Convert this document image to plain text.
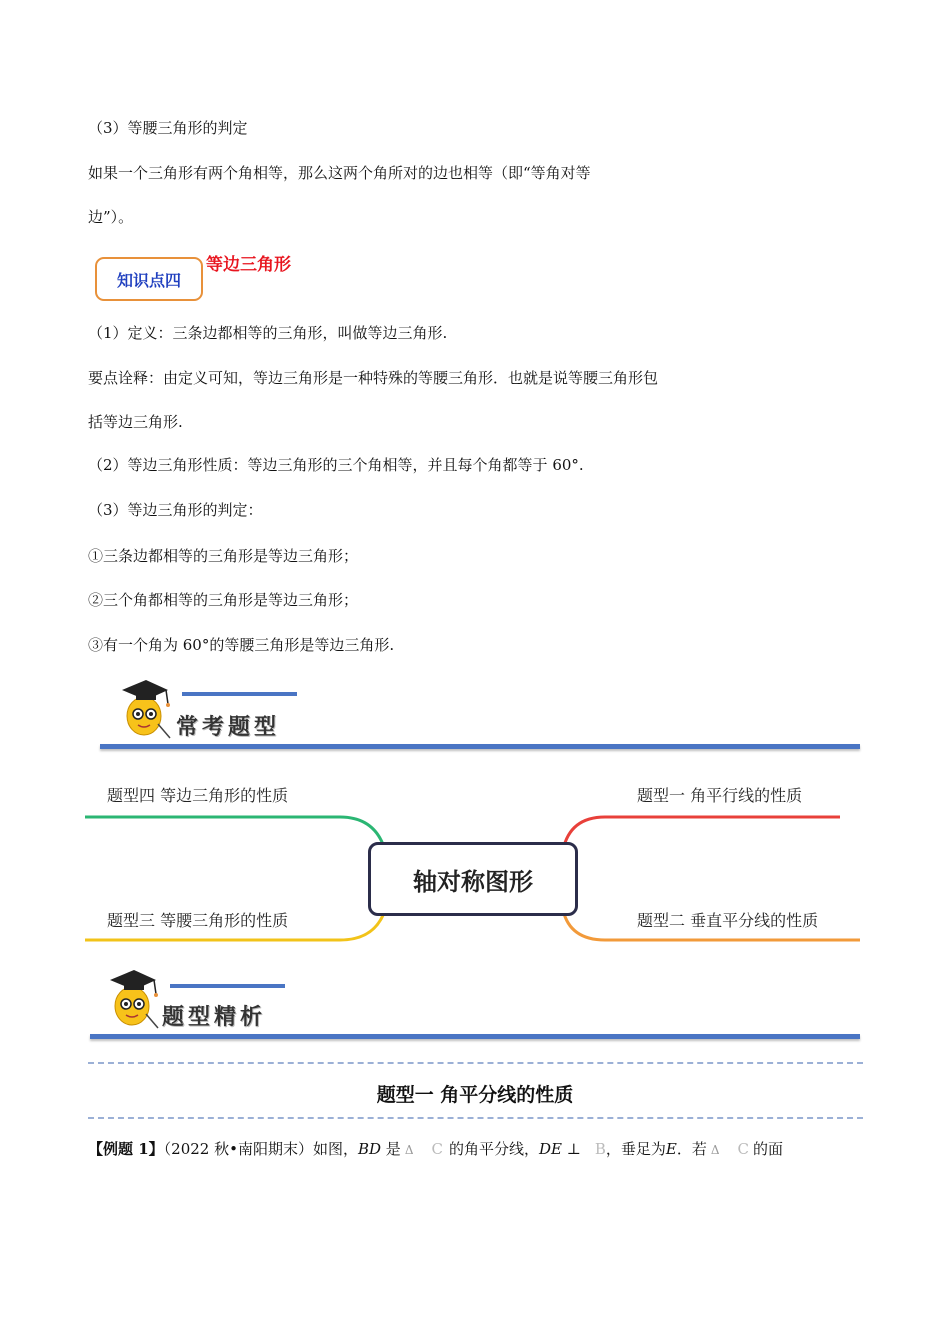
（3）等腰三角形的判定
如果一个三角形有两个角相等，那么这两个角所对的边也相等（即“等角对等
边”）。
知识点四
等边三角形
（1）定义：三条边都相等的三角形，叫做等边三角形.
要点诠释：由定义可知，等边三角形是一种特殊的等腰三角形．也就是说等腰三角形包
括等边三角形.
（2）等边三角形性质：等边三角形的三个角相等，并且每个角都等于 60°.
（3）等边三角形的判定：
①三条边都相等的三角形是等边三角形；
②三个角都相等的三角形是等边三角形；
③有一个角为 60°的等腰三角形是等边三角形.
常考题型
题型四 等边三角形的性质
题型三 等腰三角形的性质
题型一 角平行线的性质
题型二 垂直平分线的性质
轴对称图形
题型精析
题型一 角平分线的性质
【例题 1】（2022 秋•南阳期末）如图，BD 是 Δ C 的角平分线，DE ⊥ B，垂足为E．若 Δ C 的面
